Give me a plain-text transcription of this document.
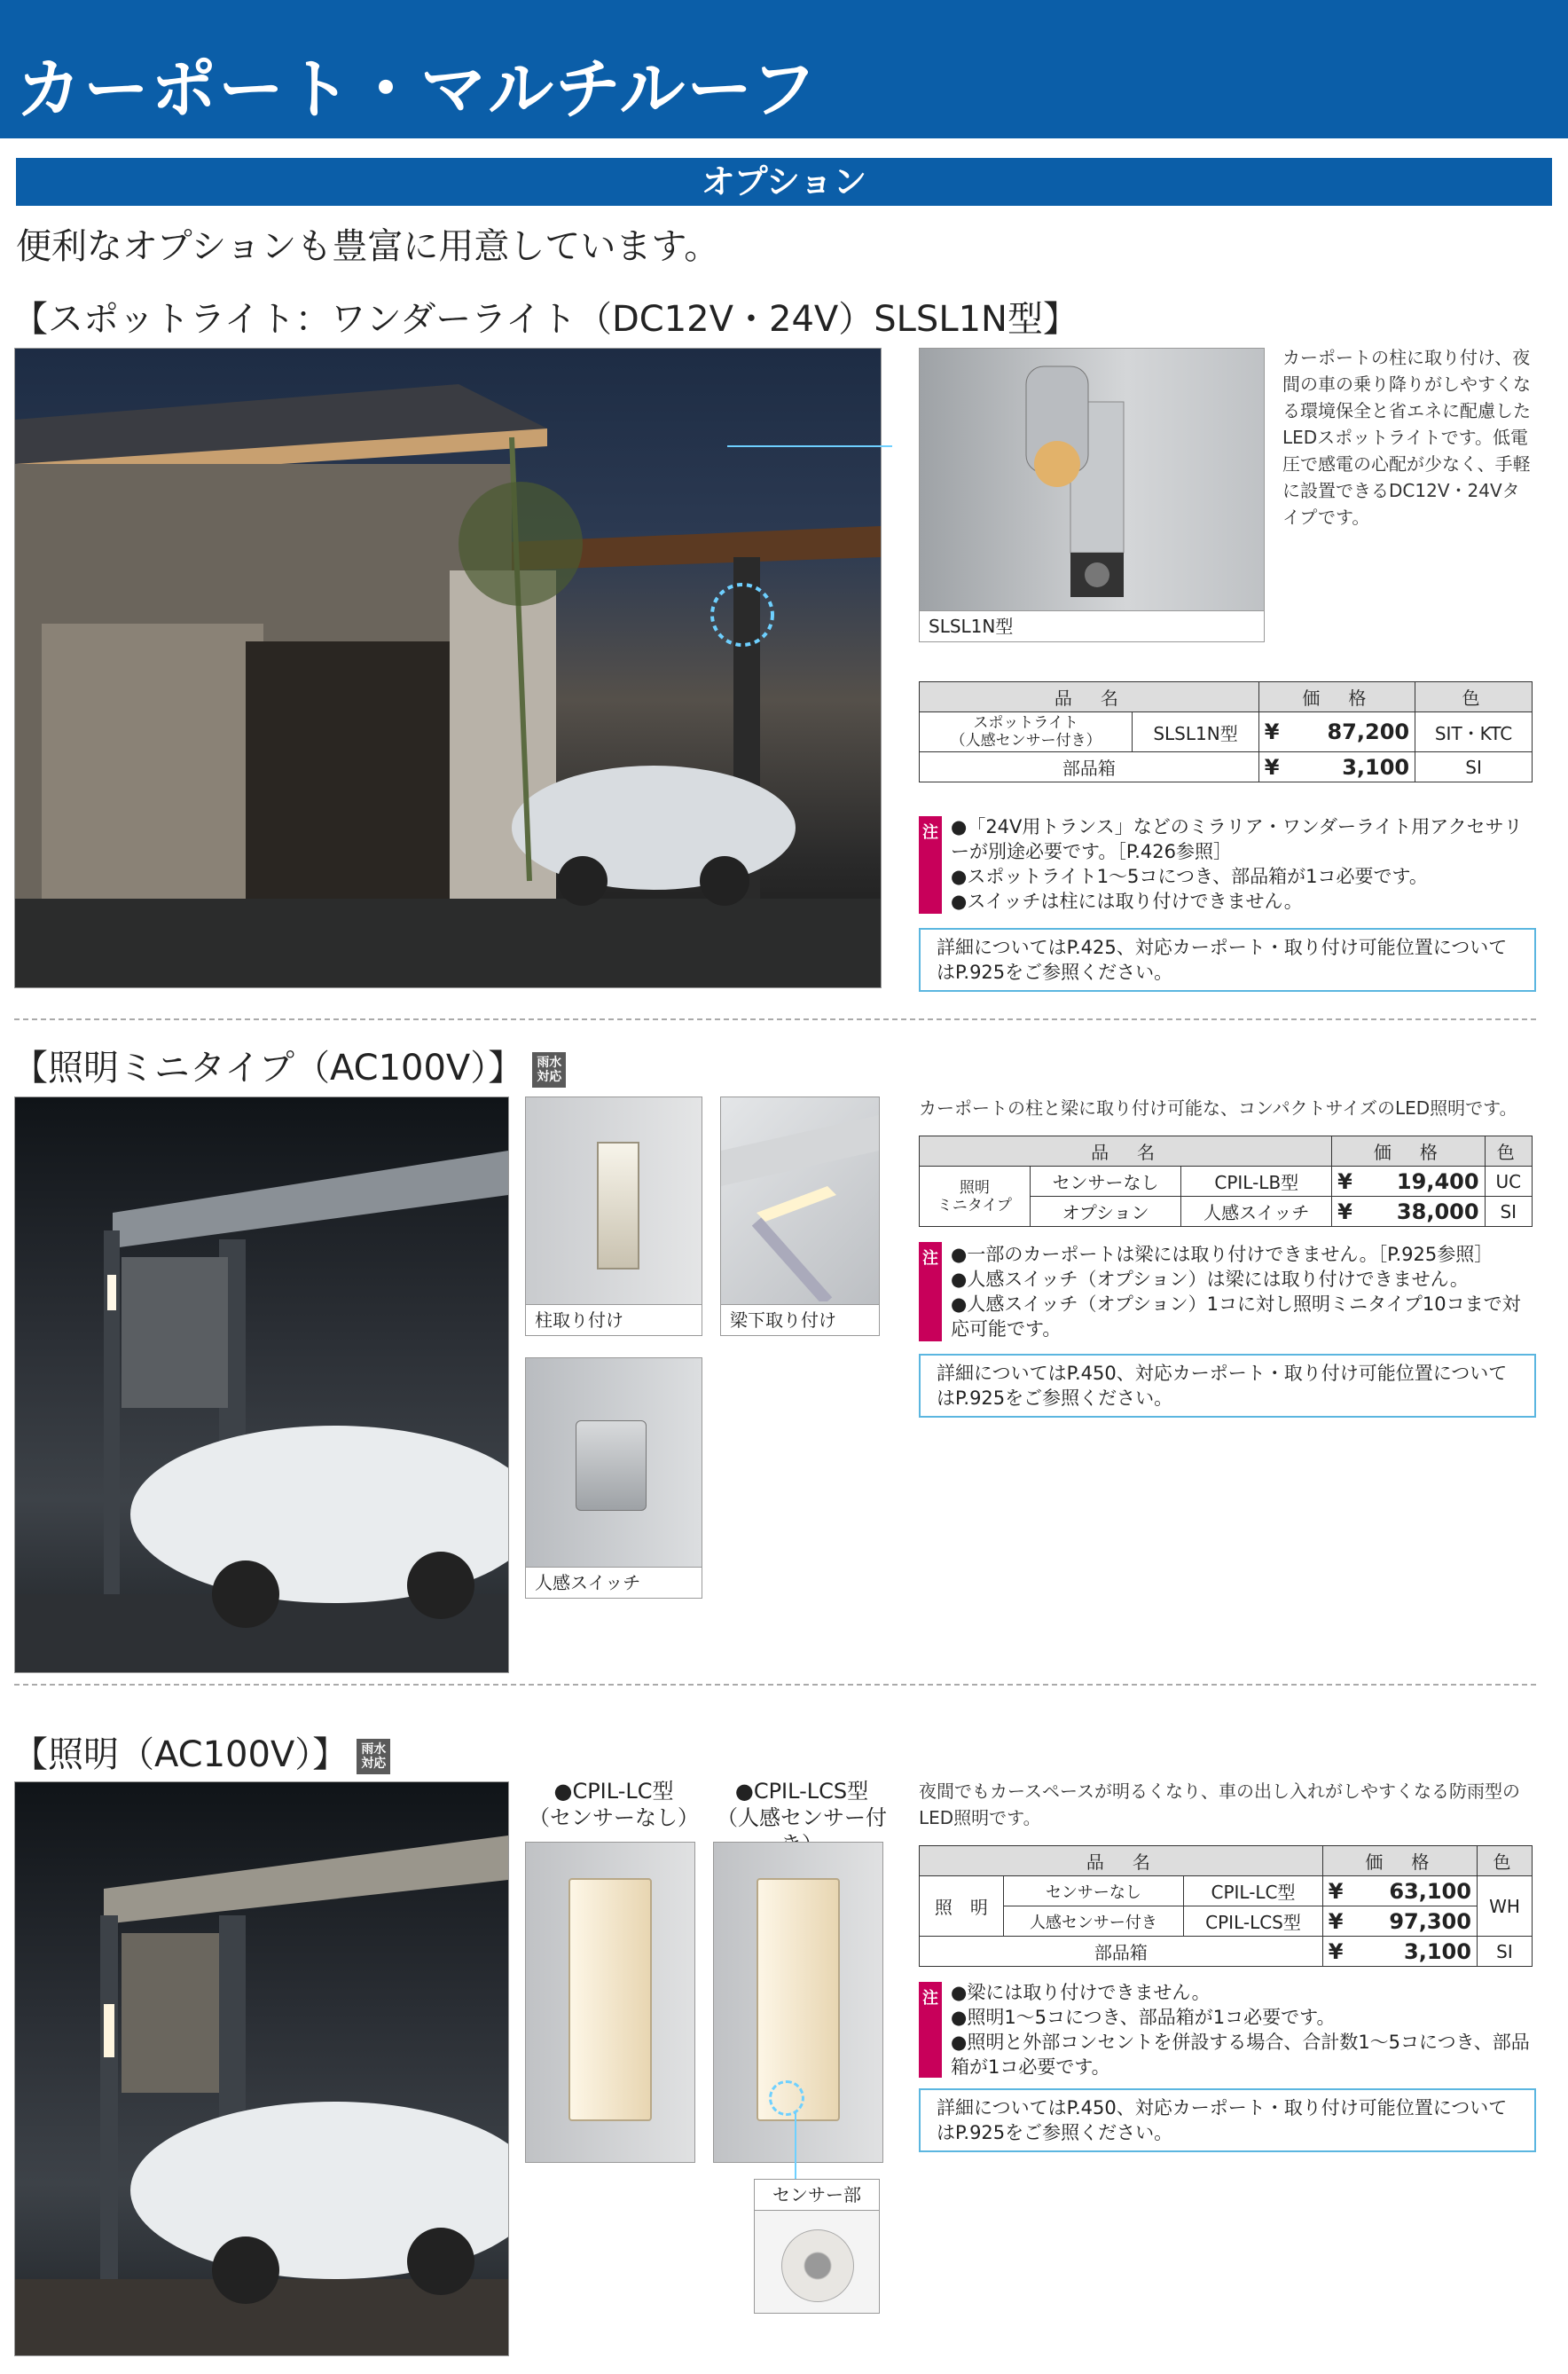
カーポート・マルチルーフ
オプション
便利なオプションも豊富に用意しています。
【スポットライト：ワンダーライト（DC12V・24V）SLSL1N型】
SLSL1N型
カーポートの柱に取り付け、夜間の車の乗り降りがしやすくなる環境保全と省エネに配慮したLEDスポットライトです。低電圧で感電の心配が少なく、手軽に設置できるDC12V・24Vタイプです。
品　名		価　格		色
スポットライト
（人感センサー付き）	SLSL1N型	¥	87,200	SIT・KTC
部品箱		¥	3,100	SI
注 ●「24V用トランス」などのミラリア・ワンダーライト用アクセサリーが別途必要です。［P.426参照］
●スポットライト1〜5コにつき、部品箱が1コ必要です。
●スイッチは柱には取り付けできません。
詳細についてはP.425、対応カーポート・取り付け可能位置についてはP.925をご参照ください。
【照明ミニタイプ（AC100V）】 雨水
対応
柱取り付け	梁下取り付け
人感スイッチ
カーポートの柱と梁に取り付け可能な、コンパクトサイズのLED照明です。
品　名			価　格		色
照明
ミニタイプ	センサーなし	CPIL-LB型	¥	19,400	UC
	オプション	人感スイッチ	¥	38,000	SI
注 ●一部のカーポートは梁には取り付けできません。［P.925参照］
●人感スイッチ（オプション）は梁には取り付けできません。
●人感スイッチ（オプション）1コに対し照明ミニタイプ10コまで対応可能です。
詳細についてはP.450、対応カーポート・取り付け可能位置についてはP.925をご参照ください。
【照明（AC100V）】 雨水
対応
●CPIL-LC型
（センサーなし）
●CPIL-LCS型
（人感センサー付
センサー部
夜間でもカースペースが明るくなり、車の出し入れがしやすくなる防雨型のLED照明です。
品　名			価　格		色
照　明	センサーなし	CPIL-LC型	¥	63,100	WH
	人感センサー付き	CPIL-LCS型	¥	97,300	
部品箱			¥	3,100	SI
注 ●梁には取り付けできません。
●照明1〜5コにつき、部品箱が1コ必要です。
●照明と外部コンセントを併設する場合、合計数1〜5コにつき、部品箱が1コ必要です。
詳細についてはP.450、対応カーポート・取り付け可能位置についてはP.925をご参照ください。
